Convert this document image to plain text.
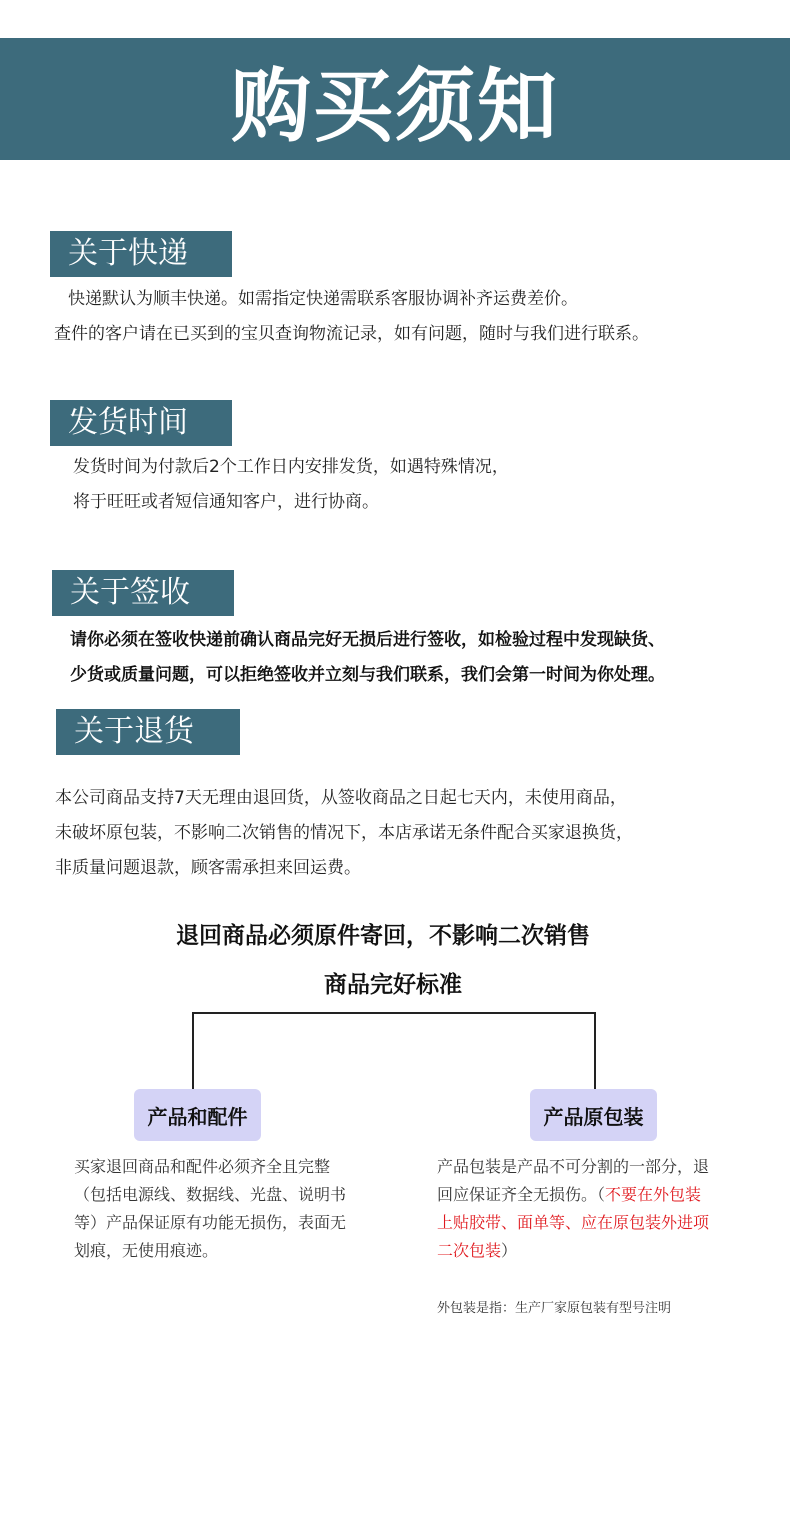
购买须知
关于快递
快递默认为顺丰快递。如需指定快递需联系客服协调补齐运费差价。
查件的客户请在已买到的宝贝查询物流记录，如有问题，随时与我们进行联系。
发货时间
发货时间为付款后2个工作日内安排发货，如遇特殊情况，
将于旺旺或者短信通知客户，进行协商。
关于签收
请你必须在签收快递前确认商品完好无损后进行签收，如检验过程中发现缺货、
少货或质量问题，可以拒绝签收并立刻与我们联系，我们会第一时间为你处理。
关于退货
本公司商品支持7天无理由退回货，从签收商品之日起七天内，未使用商品，
未破坏原包装，不影响二次销售的情况下，本店承诺无条件配合买家退换货，
非质量问题退款，顾客需承担来回运费。
退回商品必须原件寄回，不影响二次销售
商品完好标准
产品和配件	产品原包装
买家退回商品和配件必须齐全且完整（包括电源线、数据线、光盘、说明书等）产品保证原有功能无损伤，表面无划痕，无使用痕迹。
产品包装是产品不可分割的一部分，退回应保证齐全无损伤。（不要在外包装上贴胶带、面单等、应在原包装外进项二次包装）
外包装是指：生产厂家原包装有型号注明
